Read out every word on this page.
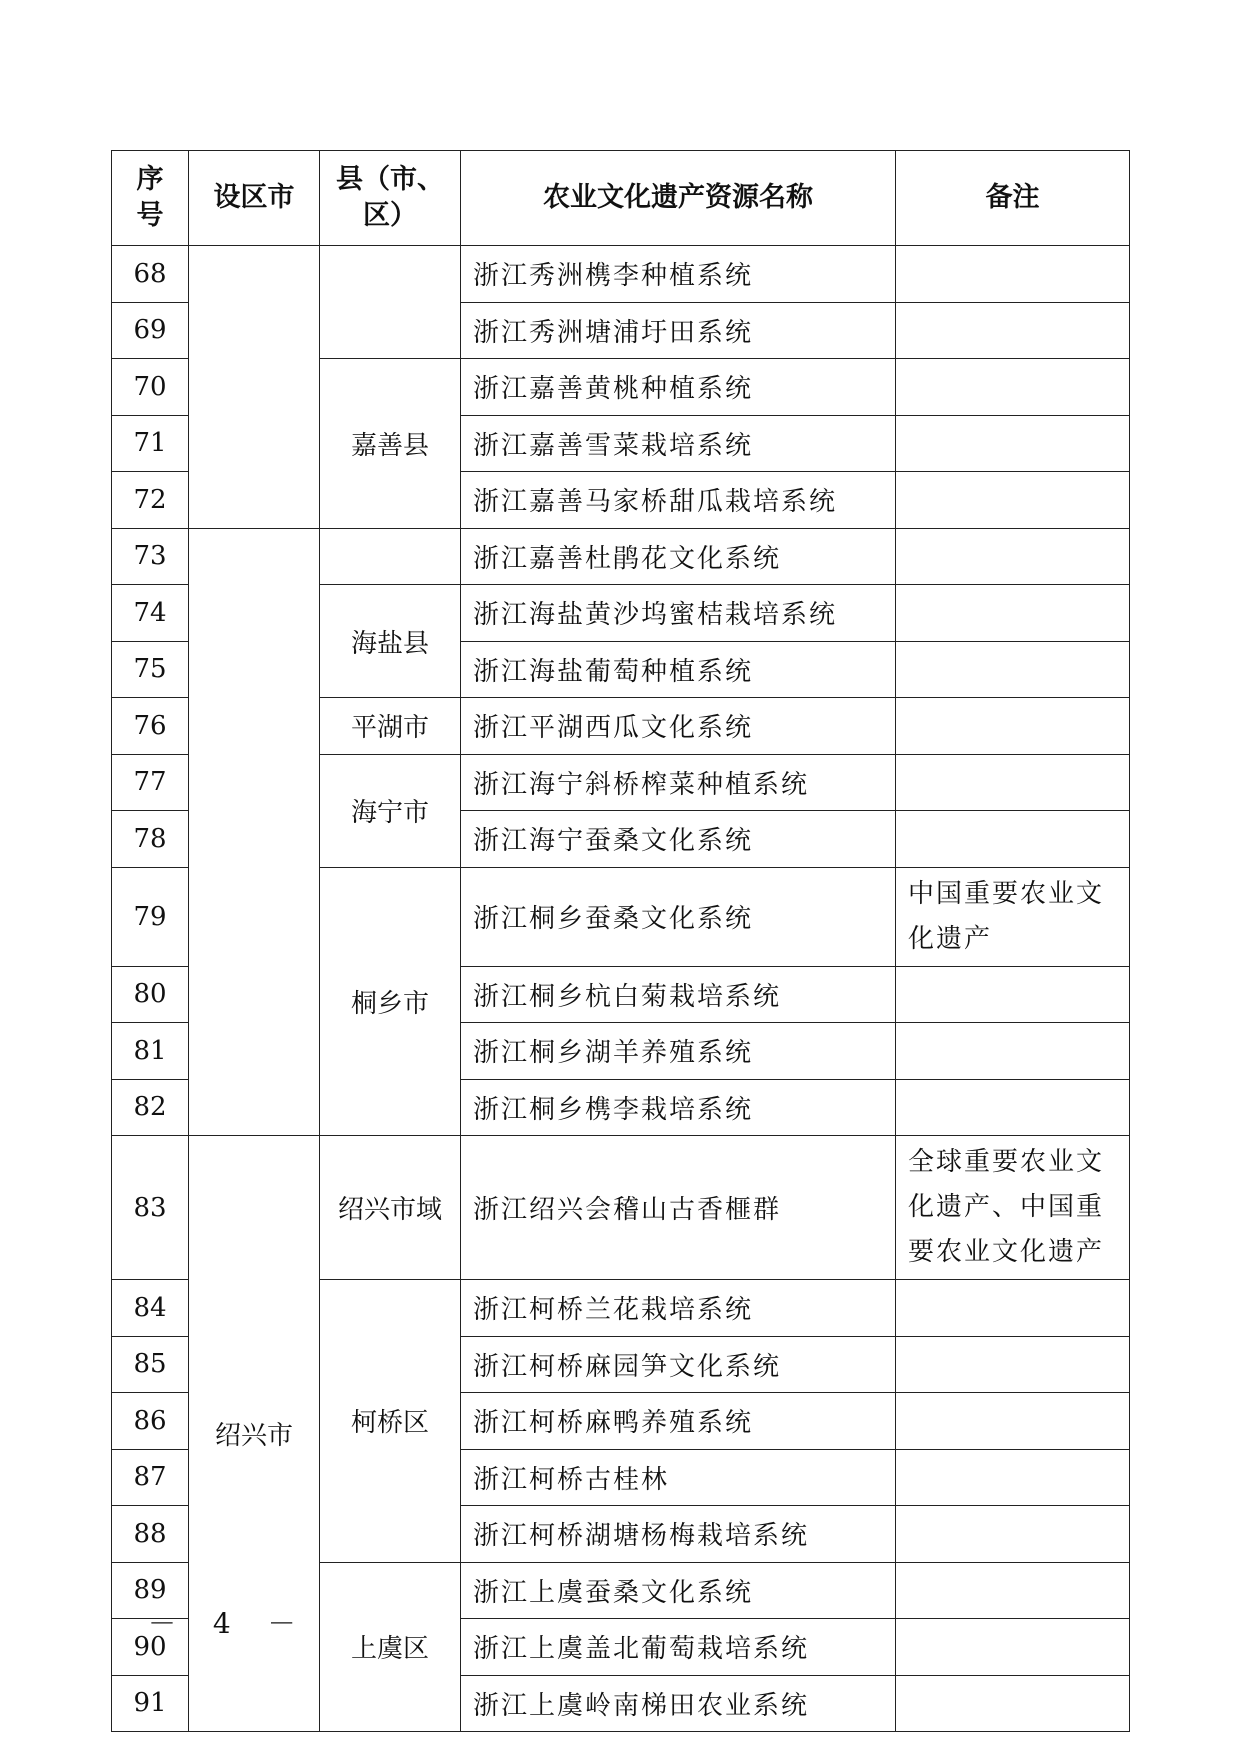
序号	设区市	县（市、区）	农业文化遗产资源名称	备注
68			浙江秀洲槜李种植系统	
69			浙江秀洲塘浦圩田系统	
70		嘉善县	浙江嘉善黄桃种植系统	
71			浙江嘉善雪菜栽培系统	
72			浙江嘉善马家桥甜瓜栽培系统	
73			浙江嘉善杜鹃花文化系统	
74		海盐县	浙江海盐黄沙坞蜜桔栽培系统	
75			浙江海盐葡萄种植系统	
76		平湖市	浙江平湖西瓜文化系统	
77		海宁市	浙江海宁斜桥榨菜种植系统	
78			浙江海宁蚕桑文化系统	
79		桐乡市	浙江桐乡蚕桑文化系统	中国重要农业文化遗产
80			浙江桐乡杭白菊栽培系统	
81			浙江桐乡湖羊养殖系统	
82			浙江桐乡槜李栽培系统	
83	绍兴市	绍兴市域	浙江绍兴会稽山古香榧群	全球重要农业文化遗产、中国重要农业文化遗产
84		柯桥区	浙江柯桥兰花栽培系统	
85			浙江柯桥麻园笋文化系统	
86			浙江柯桥麻鸭养殖系统	
87			浙江柯桥古桂林	
88			浙江柯桥湖塘杨梅栽培系统	
89		上虞区	浙江上虞蚕桑文化系统	
90			浙江上虞盖北葡萄栽培系统	
91			浙江上虞岭南梯田农业系统	
－ 4 －
